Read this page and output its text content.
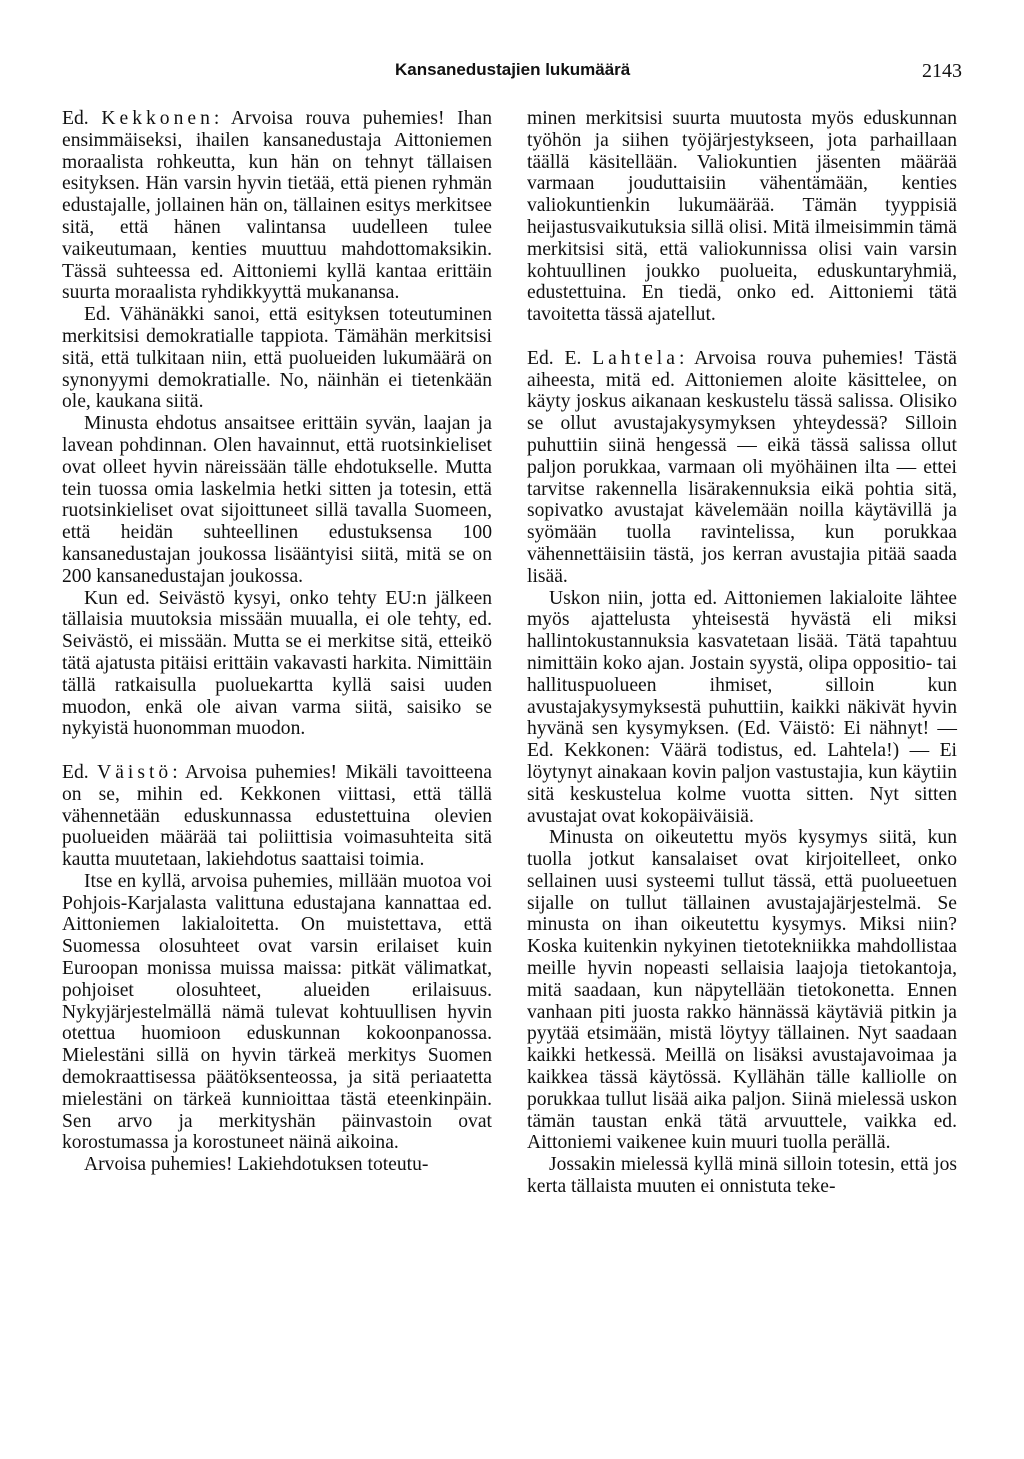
Kansanedustajien lukumäärä	2143

Ed. Kekkonen: Arvoisa rouva puhemies! Ihan ensimmäiseksi, ihailen kansanedustaja Aittoniemen moraalista rohkeutta, kun hän on tehnyt tällaisen esityksen. Hän varsin hyvin tietää, että pienen ryhmän edustajalle, jollainen hän on, tällainen esitys merkitsee sitä, että hänen valintansa uudelleen tulee vaikeutumaan, kenties muuttuu mahdottomaksikin. Tässä suhteessa ed. Aittoniemi kyllä kantaa erittäin suurta moraalista ryhdikkyyttä mukanansa.

Ed. Vähänäkki sanoi, että esityksen toteutuminen merkitsisi demokratialle tappiota. Tämähän merkitsisi sitä, että tulkitaan niin, että puolueiden lukumäärä on synonyymi demokratialle. No, näinhän ei tietenkään ole, kaukana siitä.

Minusta ehdotus ansaitsee erittäin syvän, laajan ja lavean pohdinnan. Olen havainnut, että ruotsinkieliset ovat olleet hyvin näreissään tälle ehdotukselle. Mutta tein tuossa omia laskelmia hetki sitten ja totesin, että ruotsinkieliset ovat sijoittuneet sillä tavalla Suomeen, että heidän suhteellinen edustuksensa 100 kansanedustajan joukossa lisääntyisi siitä, mitä se on 200 kansanedustajan joukossa.

Kun ed. Seivästö kysyi, onko tehty EU:n jälkeen tällaisia muutoksia missään muualla, ei ole tehty, ed. Seivästö, ei missään. Mutta se ei merkitse sitä, etteikö tätä ajatusta pitäisi erittäin vakavasti harkita. Nimittäin tällä ratkaisulla puoluekartta kyllä saisi uuden muodon, enkä ole aivan varma siitä, saisiko se nykyistä huonomman muodon.

Ed. Väistö: Arvoisa puhemies! Mikäli tavoitteena on se, mihin ed. Kekkonen viittasi, että tällä vähennetään eduskunnassa edustettuina olevien puolueiden määrää tai poliittisia voimasuhteita sitä kautta muutetaan, lakiehdotus saattaisi toimia.

Itse en kyllä, arvoisa puhemies, millään muotoa voi Pohjois-Karjalasta valittuna edustajana kannattaa ed. Aittoniemen lakialoitetta. On muistettava, että Suomessa olosuhteet ovat varsin erilaiset kuin Euroopan monissa muissa maissa: pitkät välimatkat, pohjoiset olosuhteet, alueiden erilaisuus. Nykyjärjestelmällä nämä tulevat kohtuullisen hyvin otettua huomioon eduskunnan kokoonpanossa. Mielestäni sillä on hyvin tärkeä merkitys Suomen demokraattisessa päätöksenteossa, ja sitä periaatetta mielestäni on tärkeä kunnioittaa tästä eteenkinpäin. Sen arvo ja merkityshän päinvastoin ovat korostumassa ja korostuneet näinä aikoina.

Arvoisa puhemies! Lakiehdotuksen toteutu-

minen merkitsisi suurta muutosta myös eduskunnan työhön ja siihen työjärjestykseen, jota parhaillaan täällä käsitellään. Valiokuntien jäsenten määrää varmaan jouduttaisiin vähentämään, kenties valiokuntienkin lukumäärää. Tämän tyyppisiä heijastusvaikutuksia sillä olisi. Mitä ilmeisimmin tämä merkitsisi sitä, että valiokunnissa olisi vain varsin kohtuullinen joukko puolueita, eduskuntaryhmiä, edustettuina. En tiedä, onko ed. Aittoniemi tätä tavoitetta tässä ajatellut.

Ed. E. Lahtela: Arvoisa rouva puhemies! Tästä aiheesta, mitä ed. Aittoniemen aloite käsittelee, on käyty joskus aikanaan keskustelu tässä salissa. Olisiko se ollut avustajakysymyksen yhteydessä? Silloin puhuttiin siinä hengessä — eikä tässä salissa ollut paljon porukkaa, varmaan oli myöhäinen ilta — ettei tarvitse rakennella lisärakennuksia eikä pohtia sitä, sopivatko avustajat kävelemään noilla käytävillä ja syömään tuolla ravintelissa, kun porukkaa vähennettäisiin tästä, jos kerran avustajia pitää saada lisää.

Uskon niin, jotta ed. Aittoniemen lakialoite lähtee myös ajattelusta yhteisestä hyvästä eli miksi hallintokustannuksia kasvatetaan lisää. Tätä tapahtuu nimittäin koko ajan. Jostain syystä, olipa oppositio- tai hallituspuolueen ihmiset, silloin kun avustajakysymyksestä puhuttiin, kaikki näkivät hyvin hyvänä sen kysymyksen. (Ed. Väistö: Ei nähnyt! — Ed. Kekkonen: Väärä todistus, ed. Lahtela!) — Ei löytynyt ainakaan kovin paljon vastustajia, kun käytiin sitä keskustelua kolme vuotta sitten. Nyt sitten avustajat ovat kokopäiväisiä.

Minusta on oikeutettu myös kysymys siitä, kun tuolla jotkut kansalaiset ovat kirjoitelleet, onko sellainen uusi systeemi tullut tässä, että puolueetuen sijalle on tullut tällainen avustajajärjestelmä. Se minusta on ihan oikeutettu kysymys. Miksi niin? Koska kuitenkin nykyinen tietotekniikka mahdollistaa meille hyvin nopeasti sellaisia laajoja tietokantoja, mitä saadaan, kun näpytellään tietokonetta. Ennen vanhaan piti juosta rakko hännässä käytäviä pitkin ja pyytää etsimään, mistä löytyy tällainen. Nyt saadaan kaikki hetkessä. Meillä on lisäksi avustajavoimaa ja kaikkea tässä käytössä. Kyllähän tälle kalliolle on porukkaa tullut lisää aika paljon. Siinä mielessä uskon tämän taustan enkä tätä arvuuttele, vaikka ed. Aittoniemi vaikenee kuin muuri tuolla perällä.

Jossakin mielessä kyllä minä silloin totesin, että jos kerta tällaista muuten ei onnistuta teke-
